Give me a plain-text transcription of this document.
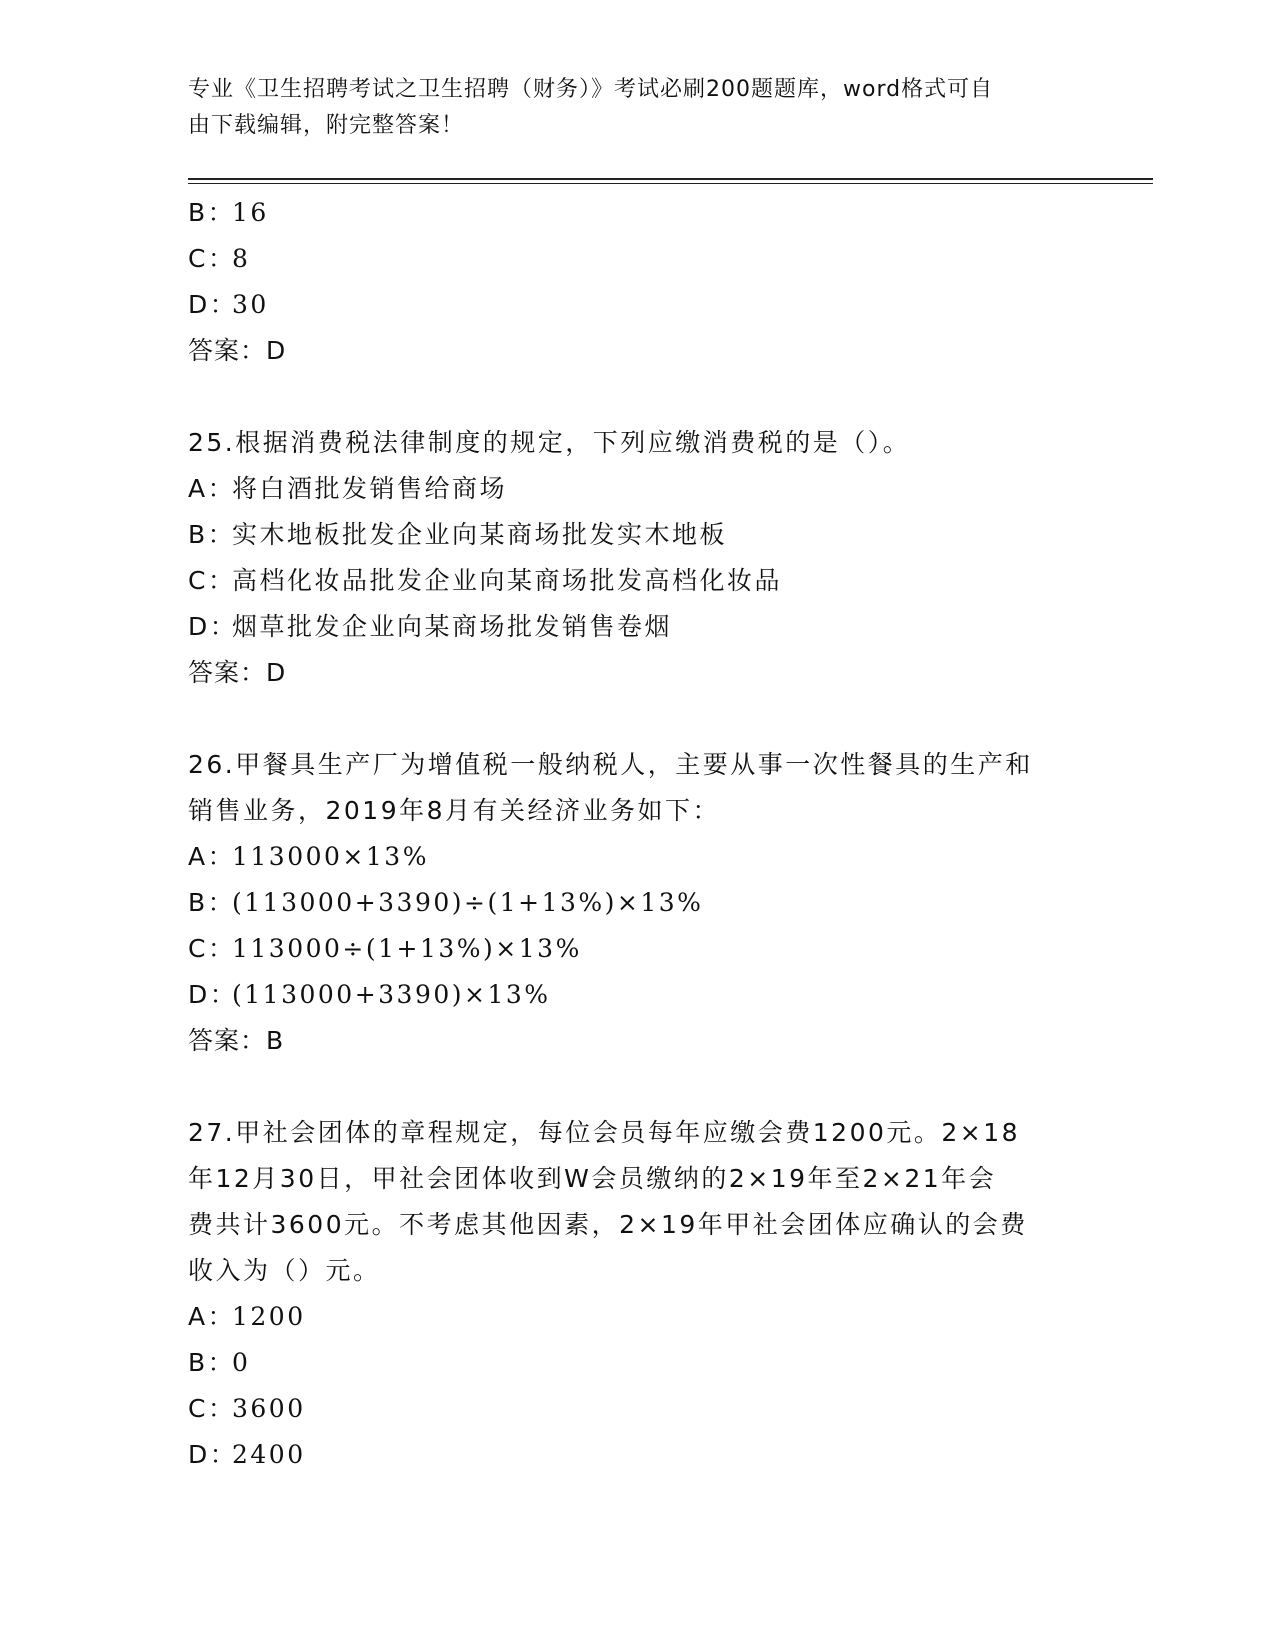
专业《卫生招聘考试之卫生招聘（财务）》考试必刷200题题库，word格式可自
由下载编辑，附完整答案！
B：16
C：8
D：30
答案：D
25.根据消费税法律制度的规定，下列应缴消费税的是（）。
A：将白酒批发销售给商场
B：实木地板批发企业向某商场批发实木地板
C：高档化妆品批发企业向某商场批发高档化妆品
D：烟草批发企业向某商场批发销售卷烟
答案：D
26.甲餐具生产厂为增值税一般纳税人，主要从事一次性餐具的生产和
销售业务，2019年8月有关经济业务如下：
A：113000×13%
B：(113000+3390)÷(1+13%)×13%
C：113000÷(1+13%)×13%
D：(113000+3390)×13%
答案：B
27.甲社会团体的章程规定，每位会员每年应缴会费1200元。2×18
年12月30日，甲社会团体收到W会员缴纳的2×19年至2×21年会
费共计3600元。不考虑其他因素，2×19年甲社会团体应确认的会费
收入为（）元。
A：1200
B：0
C：3600
D：2400
